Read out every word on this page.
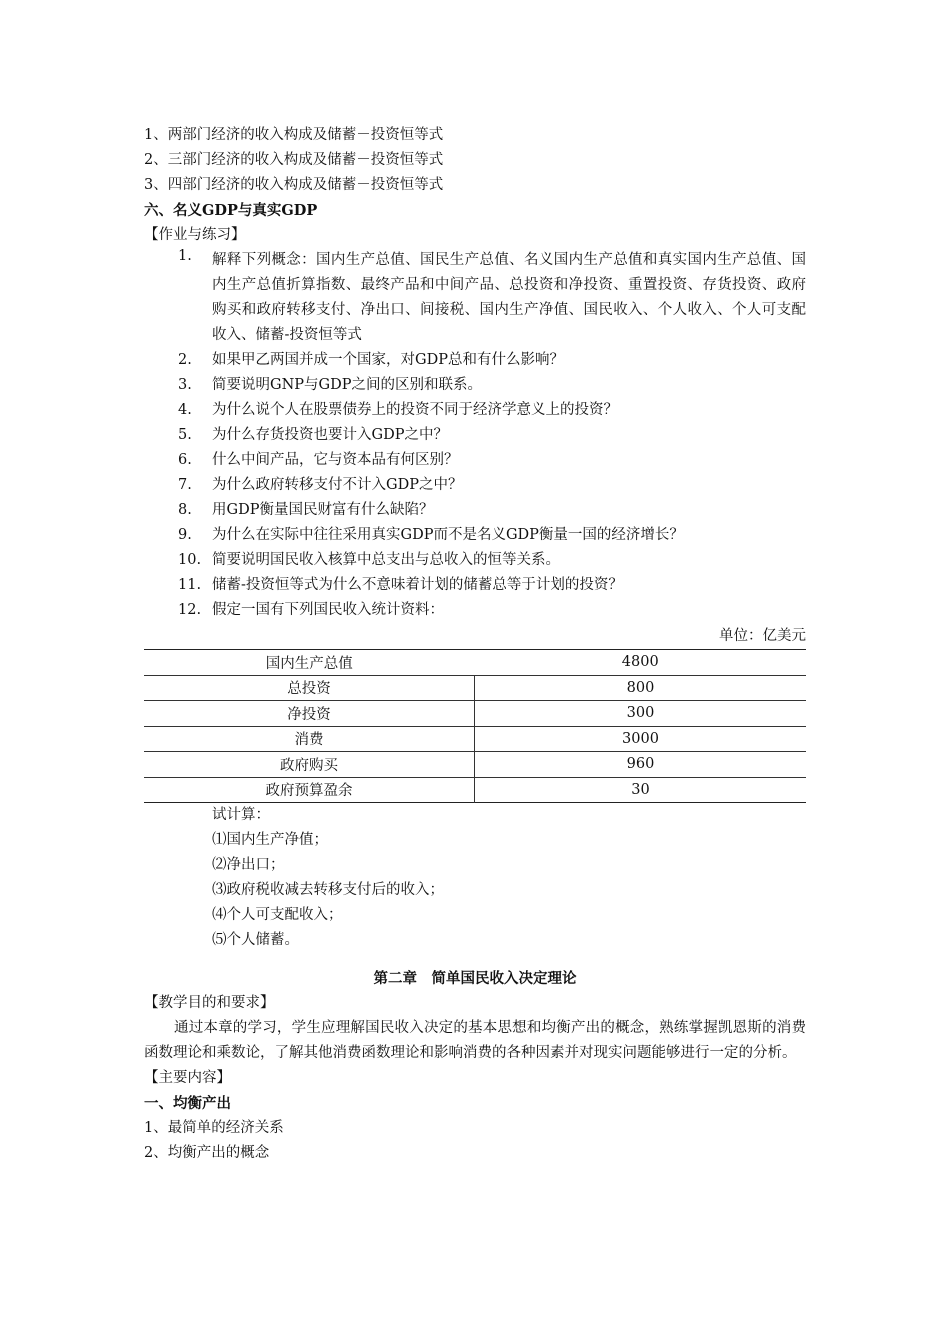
1、两部门经济的收入构成及储蓄－投资恒等式
2、三部门经济的收入构成及储蓄－投资恒等式
3、四部门经济的收入构成及储蓄－投资恒等式
六、名义GDP与真实GDP
【作业与练习】
1. 解释下列概念：国内生产总值、国民生产总值、名义国内生产总值和真实国内生产总值、国内生产总值折算指数、最终产品和中间产品、总投资和净投资、重置投资、存货投资、政府购买和政府转移支付、净出口、间接税、国内生产净值、国民收入、个人收入、个人可支配收入、储蓄-投资恒等式
2. 如果甲乙两国并成一个国家，对GDP总和有什么影响？
3. 简要说明GNP与GDP之间的区别和联系。
4. 为什么说个人在股票债券上的投资不同于经济学意义上的投资？
5. 为什么存货投资也要计入GDP之中？
6. 什么中间产品，它与资本品有何区别？
7. 为什么政府转移支付不计入GDP之中？
8. 用GDP衡量国民财富有什么缺陷？
9. 为什么在实际中往往采用真实GDP而不是名义GDP衡量一国的经济增长？
10. 简要说明国民收入核算中总支出与总收入的恒等关系。
11. 储蓄-投资恒等式为什么不意味着计划的储蓄总等于计划的投资？
12. 假定一国有下列国民收入统计资料：
单位：亿美元
国内生产总值	4800
总投资	800
净投资	300
消费	3000
政府购买	960
政府预算盈余	30
试计算：
⑴国内生产净值；
⑵净出口；
⑶政府税收减去转移支付后的收入；
⑷个人可支配收入；
⑸个人储蓄。
第二章　简单国民收入决定理论
【教学目的和要求】
通过本章的学习，学生应理解国民收入决定的基本思想和均衡产出的概念，熟练掌握凯恩斯的消费函数理论和乘数论，了解其他消费函数理论和影响消费的各种因素并对现实问题能够进行一定的分析。
【主要内容】
一、均衡产出
1、最简单的经济关系
2、均衡产出的概念
